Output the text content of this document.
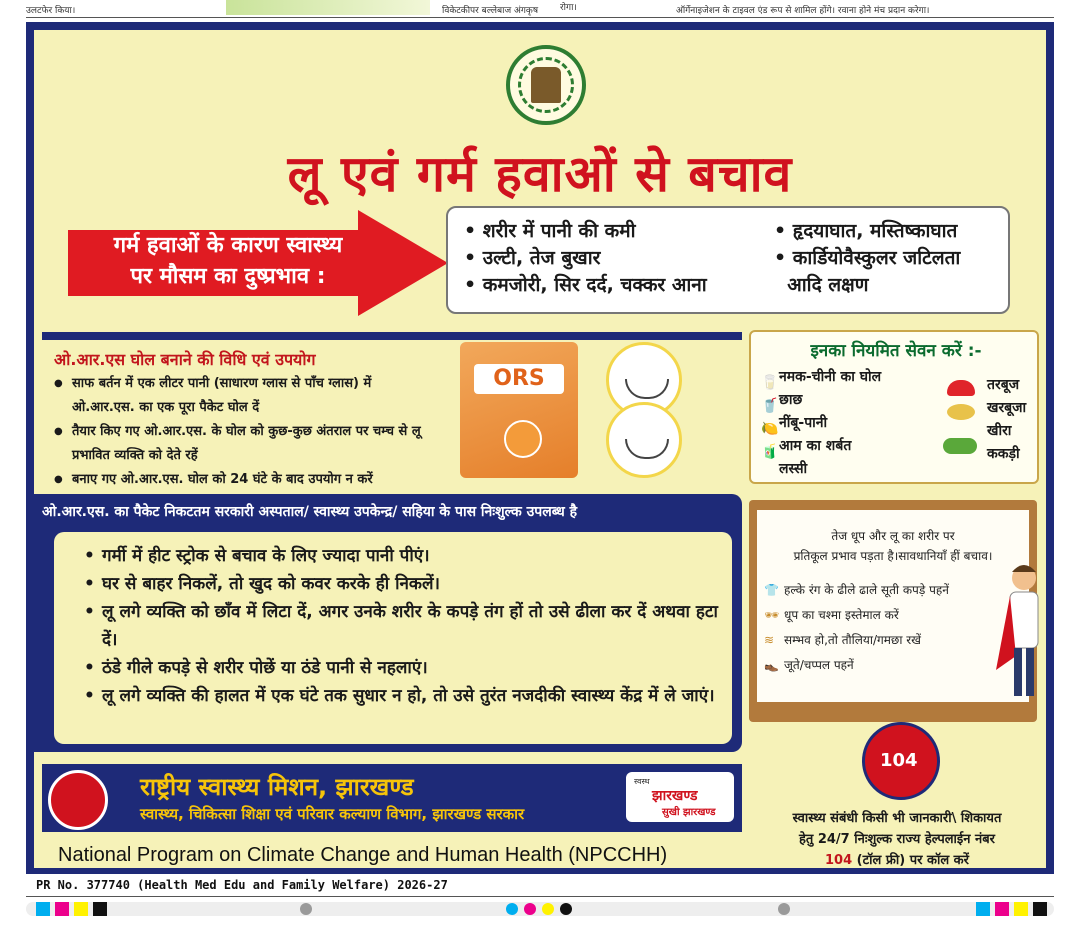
उलटफेर किया।	विकेटकीपर बल्लेबाज अंगकृष रोगा।	ऑर्गेनाइजेशन के टाइवल एंड रूप से शामिल होंगे। रवाना होने मंच प्रदान करेगा।
लू एवं गर्म हवाओं से बचाव
गर्म हवाओं के कारण स्वास्थ्य
पर मौसम का दुष्प्रभाव :
• शरीर में पानी की कमी
• उल्टी, तेज बुखार
• कमजोरी, सिर दर्द, चक्कर आना
• हृदयाघात, मस्तिष्काघात
• कार्डियोवैस्कुलर जटिलता
आदि लक्षण
ओ.आर.एस घोल बनाने की विधि एवं उपयोग
● साफ बर्तन में एक लीटर पानी (साधारण ग्लास से पाँच ग्लास) में ओ.आर.एस. का एक पूरा पैकेट घोल दें
● तैयार किए गए ओ.आर.एस. के घोल को कुछ-कुछ अंतराल पर चम्च से लू प्रभावित व्यक्ति को देते रहें
● बनाए गए ओ.आर.एस. घोल को 24 घंटे के बाद उपयोग न करें
ORS
इनका नियमित सेवन करें :-
नमक-चीनी का घोल
छाछ
नींबू-पानी
आम का शर्बत
लस्सी
तरबूज
खरबूजा
खीरा
ककड़ी
🥛
🥤
🍋
🧃
ओ.आर.एस. का पैकेट निकटतम सरकारी अस्पताल/ स्वास्थ्य उपकेन्द्र/ सहिया के पास निःशुल्क उपलब्ध है
• गर्मी में हीट स्ट्रोक से बचाव के लिए ज्यादा पानी पीएं।
• घर से बाहर निकलें, तो खुद को कवर करके ही निकलें।
• लू लगे व्यक्ति को छाँव में लिटा दें, अगर उनके शरीर के कपड़े तंग हों तो उसे ढीला कर दें अथवा हटा दें।
• ठंडे गीले कपड़े से शरीर पोछें या ठंडे पानी से नहलाएं।
• लू लगे व्यक्ति की हालत में एक घंटे तक सुधार न हो, तो उसे तुरंत नजदीकी स्वास्थ्य केंद्र में ले जाएं।
तेज धूप और लू का शरीर पर
प्रतिकूल प्रभाव पड़ता है।सावधानियाँ हीं बचाव।
👕 हल्के रंग के ढीले ढाले सूती कपड़े पहनें
🕶 धूप का चश्मा इस्तेमाल करें
≋ सम्भव हो,तो तौलिया/गमछा रखें
👞 जूते/चप्पल पहनें
राष्ट्रीय स्वास्थ्य मिशन, झारखण्ड
स्वास्थ्य, चिकित्सा शिक्षा एवं परिवार कल्याण विभाग, झारखण्ड सरकार
स्वस्थ
झारखण्ड
सुखी झारखण्ड
National Program on Climate Change and Human Health (NPCCHH)
104
स्वास्थ्य संबंधी किसी भी जानकारी\ शिकायत
हेतु 24/7 निःशुल्क राज्य हेल्पलाईन नंबर
104 (टॉल फ्री) पर कॉल करें
PR No. 377740 (Health Med Edu and Family Welfare) 2026-27
